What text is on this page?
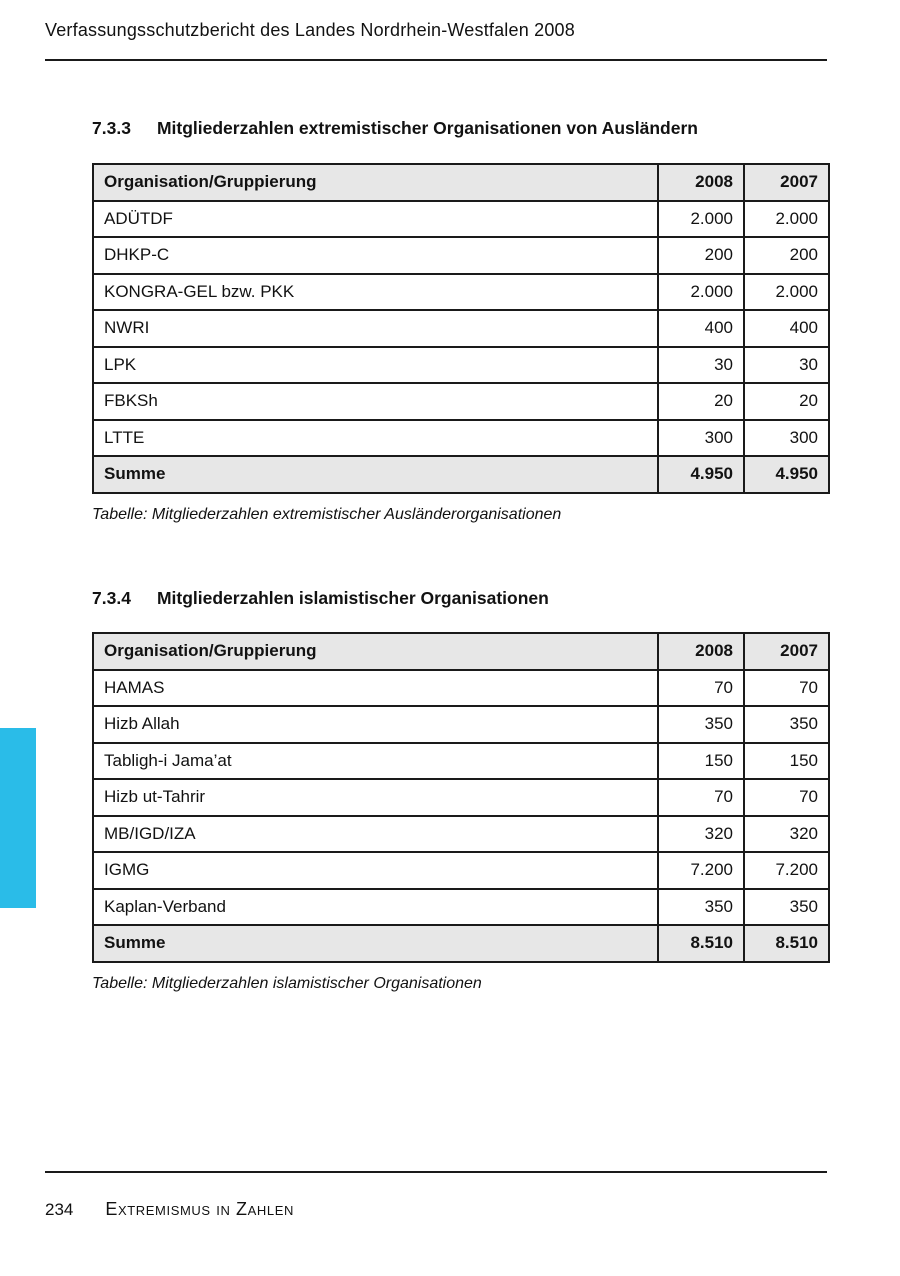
Verfassungsschutzbericht des Landes Nordrhein-Westfalen 2008
7.3.3 Mitgliederzahlen extremistischer Organisationen von Ausländern
Organisation/Gruppierung	2008	2007
ADÜTDF	2.000	2.000
DHKP-C	200	200
KONGRA-GEL bzw. PKK	2.000	2.000
NWRI	400	400
LPK	30	30
FBKSh	20	20
LTTE	300	300
Summe	4.950	4.950
Tabelle: Mitgliederzahlen extremistischer Ausländerorganisationen
7.3.4 Mitgliederzahlen islamistischer Organisationen
Organisation/Gruppierung	2008	2007
HAMAS	70	70
Hizb Allah	350	350
Tabligh-i Jama’at	150	150
Hizb ut-Tahrir	70	70
MB/IGD/IZA	320	320
IGMG	7.200	7.200
Kaplan-Verband	350	350
Summe	8.510	8.510
Tabelle: Mitgliederzahlen islamistischer Organisationen
234 Extremismus in Zahlen
